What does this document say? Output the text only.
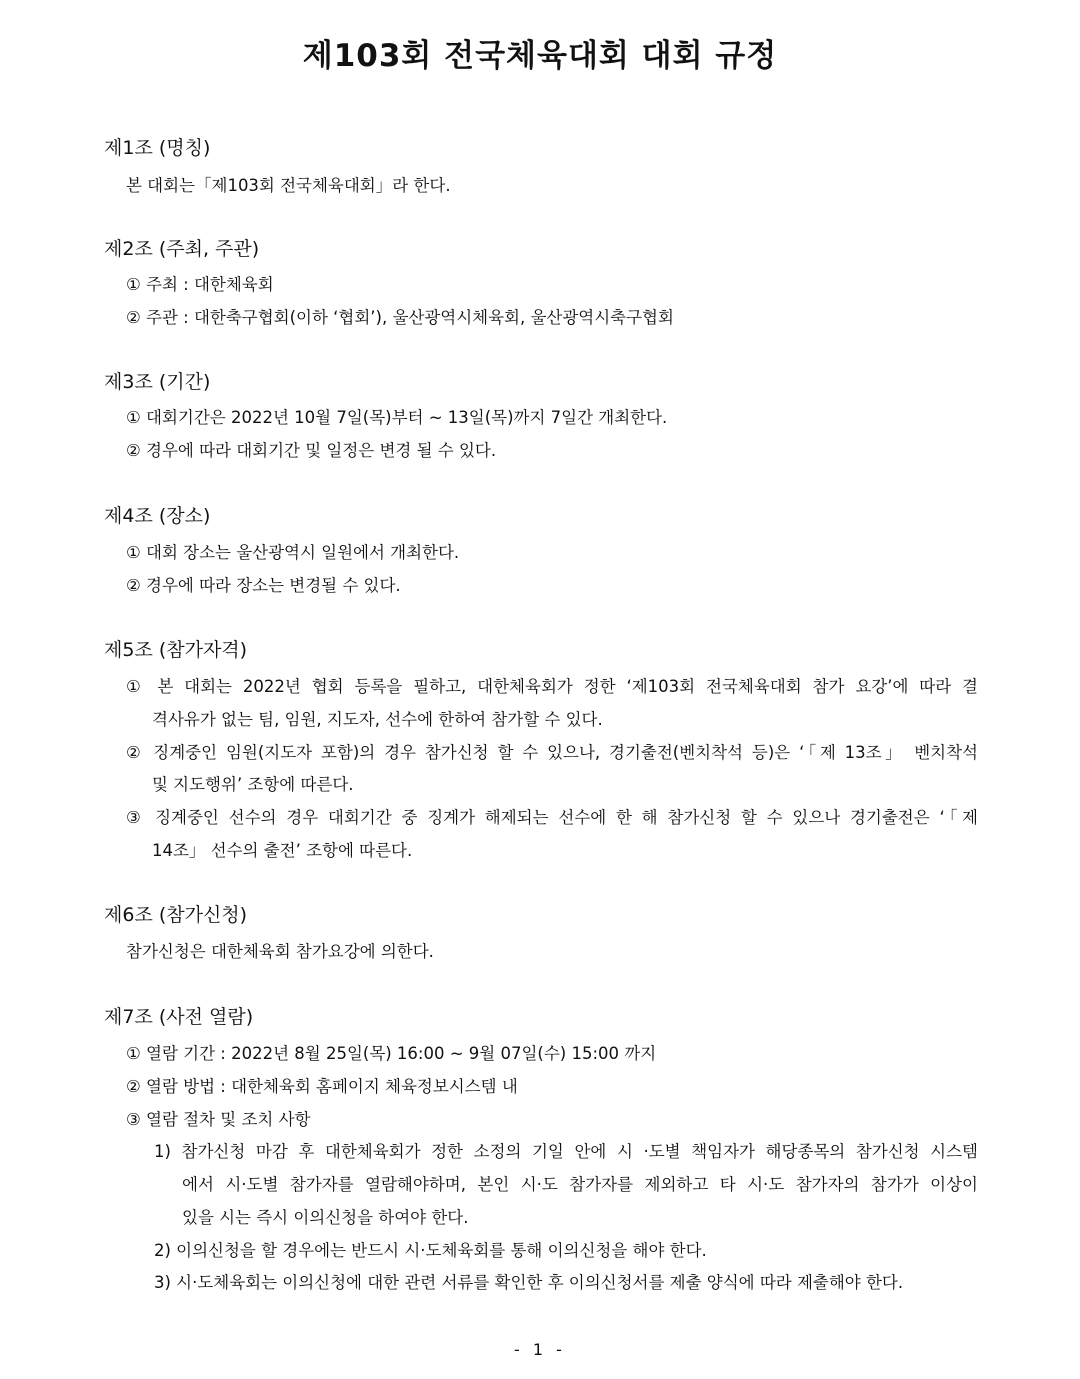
제103회 전국체육대회 대회 규정
제1조 (명칭)
본 대회는「제103회 전국체육대회」라 한다.
제2조 (주최, 주관)
① 주최 : 대한체육회
② 주관 : 대한축구협회(이하 ‘협회’), 울산광역시체육회, 울산광역시축구협회
제3조 (기간)
① 대회기간은 2022년 10월 7일(목)부터 ~ 13일(목)까지 7일간 개최한다.
② 경우에 따라 대회기간 및 일정은 변경 될 수 있다.
제4조 (장소)
① 대회 장소는 울산광역시 일원에서 개최한다.
② 경우에 따라 장소는 변경될 수 있다.
제5조 (참가자격)
① 본 대회는 2022년 협회 등록을 필하고, 대한체육회가 정한 ‘제103회 전국체육대회 참가 요강’에 따라 결
격사유가 없는 팀, 임원, 지도자, 선수에 한하여 참가할 수 있다.
② 징계중인 임원(지도자 포함)의 경우 참가신청 할 수 있으나, 경기출전(벤치착석 등)은 ‘「제 13조」 벤치착석
및 지도행위’ 조항에 따른다.
③ 징계중인 선수의 경우 대회기간 중 징계가 해제되는 선수에 한 해 참가신청 할 수 있으나 경기출전은 ‘「제
14조」 선수의 출전’ 조항에 따른다.
제6조 (참가신청)
참가신청은 대한체육회 참가요강에 의한다.
제7조 (사전 열람)
① 열람 기간 : 2022년 8월 25일(목) 16:00 ~ 9월 07일(수) 15:00 까지
② 열람 방법 : 대한체육회 홈페이지 체육정보시스템 내
③ 열람 절차 및 조치 사항
1) 참가신청 마감 후 대한체육회가 정한 소정의 기일 안에 시 ·도별 책임자가 해당종목의 참가신청 시스템
에서 시·도별 참가자를 열람해야하며, 본인 시·도 참가자를 제외하고 타 시·도 참가자의 참가가 이상이
있을 시는 즉시 이의신청을 하여야 한다.
2) 이의신청을 할 경우에는 반드시 시·도체육회를 통해 이의신청을 해야 한다.
3) 시·도체육회는 이의신청에 대한 관련 서류를 확인한 후 이의신청서를 제출 양식에 따라 제출해야 한다.
- 1 -
